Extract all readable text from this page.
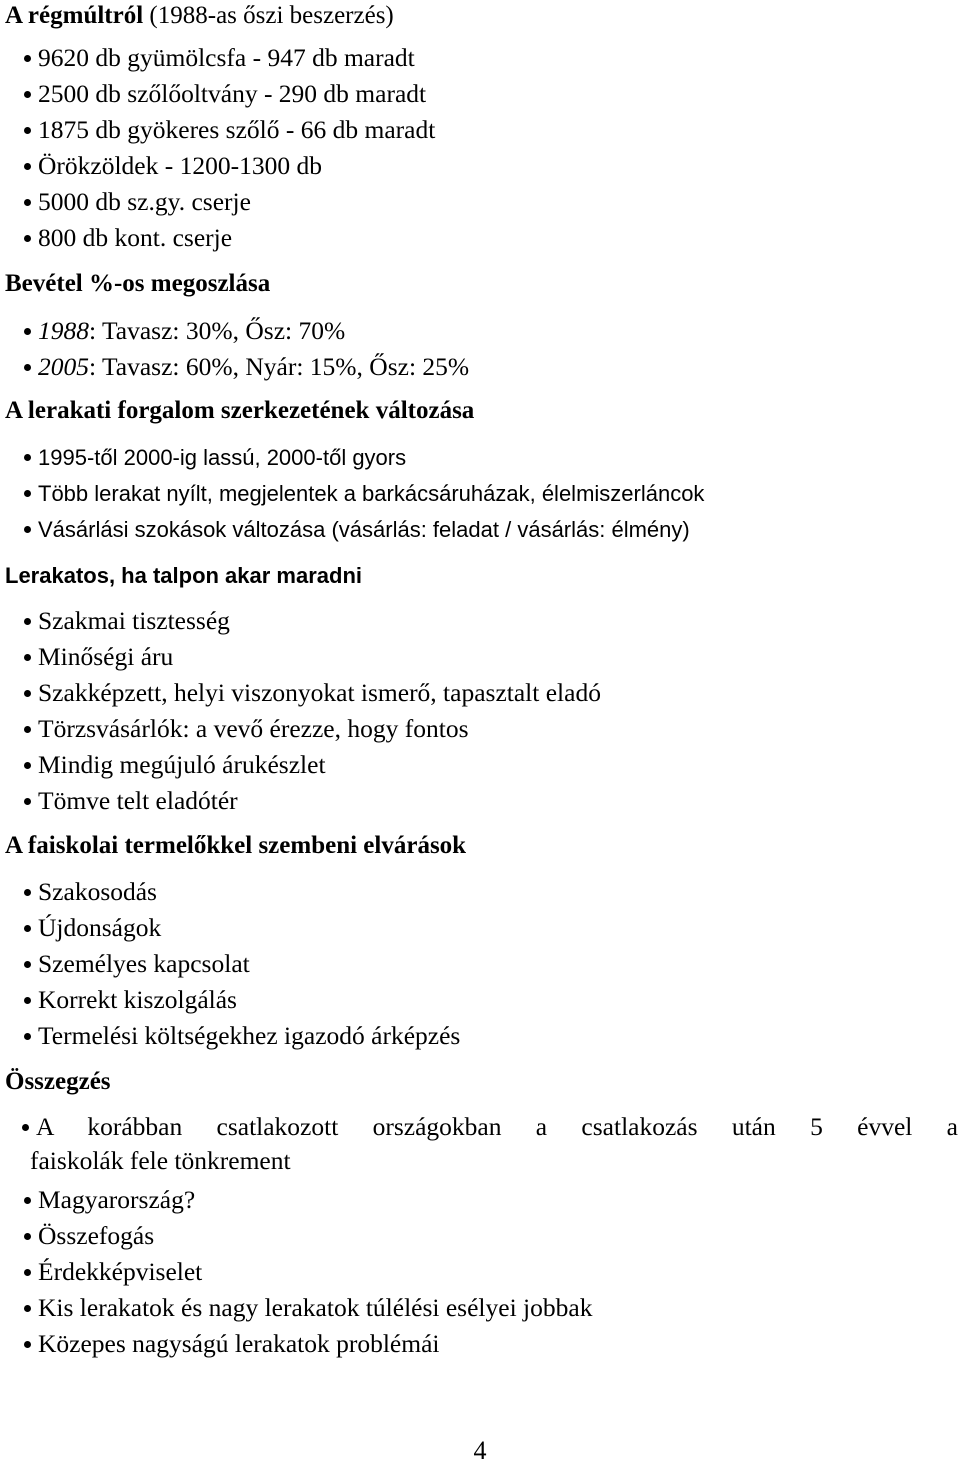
A régmúltról (1988-as őszi beszerzés)
9620 db gyümölcsfa - 947 db maradt
2500 db szőlőoltvány - 290 db maradt
1875 db gyökeres szőlő - 66 db maradt
Örökzöldek - 1200-1300 db
5000 db sz.gy. cserje
800 db kont. cserje
Bevétel %-os megoszlása
1988: Tavasz: 30%, Ősz: 70%
2005: Tavasz: 60%, Nyár: 15%, Ősz: 25%
A lerakati forgalom szerkezetének változása
1995-től 2000-ig lassú, 2000-től gyors
Több lerakat nyílt, megjelentek a barkácsáruházak, élelmiszerláncok
Vásárlási szokások változása (vásárlás: feladat / vásárlás: élmény)
Lerakatos, ha talpon akar maradni
Szakmai tisztesség
Minőségi áru
Szakképzett, helyi viszonyokat ismerő, tapasztalt eladó
Törzsvásárlók: a vevő érezze, hogy fontos
Mindig megújuló árukészlet
Tömve telt eladótér
A faiskolai termelőkkel szembeni elvárások
Szakosodás
Újdonságok
Személyes kapcsolat
Korrekt kiszolgálás
Termelési költségekhez igazodó árképzés
Összegzés
A korábban csatlakozott országokban a csatlakozás után 5 évvel a
faiskolák fele tönkrement
Magyarország?
Összefogás
Érdekképviselet
Kis lerakatok és nagy lerakatok túlélési esélyei jobbak
Közepes nagyságú lerakatok problémái
4
